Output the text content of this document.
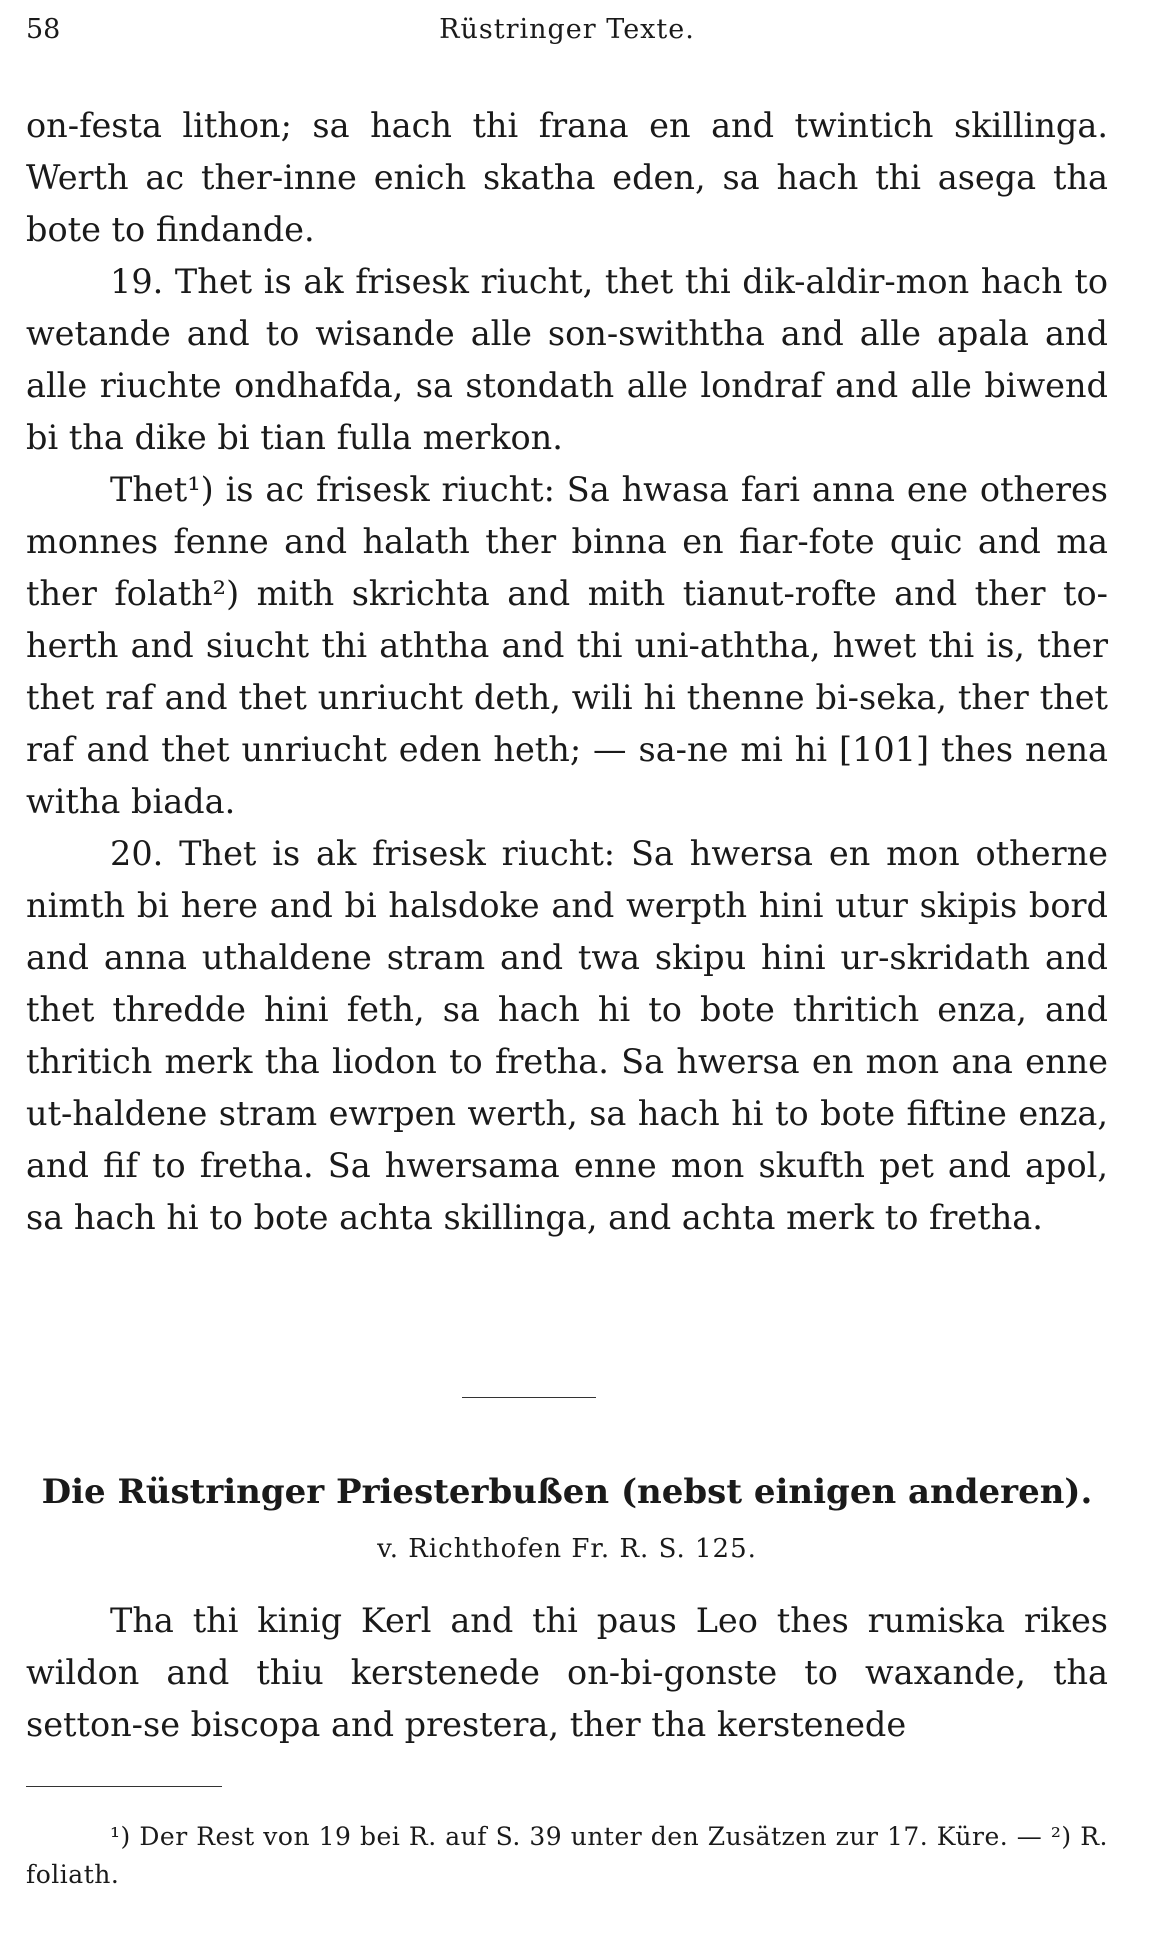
58	Rüstringer Texte.

on-festa lithon; sa hach thi frana en and twintich skillinga. Werth ac ther-inne enich skatha eden, sa hach thi asega tha bote to findande.

19. Thet is ak frisesk riucht, thet thi dik-aldir-mon hach to wetande and to wisande alle son-swiththa and alle apala and alle riuchte ondhafda, sa stondath alle londraf and alle biwend bi tha dike bi tian fulla merkon.

Thet¹) is ac frisesk riucht: Sa hwasa fari anna ene otheres monnes fenne and halath ther binna en fiar-fote quic and ma ther folath²) mith skrichta and mith tianut-rofte and ther to-herth and siucht thi aththa and thi uni-aththa, hwet thi is, ther thet raf and thet unriucht deth, wili hi thenne bi-seka, ther thet raf and thet unriucht eden heth; — sa-ne mi hi [101] thes nena witha biada.

20. Thet is ak frisesk riucht: Sa hwersa en mon otherne nimth bi here and bi halsdoke and werpth hini utur skipis bord and anna uthaldene stram and twa skipu hini ur-skridath and thet thredde hini feth, sa hach hi to bote thritich enza, and thritich merk tha liodon to fretha. Sa hwersa en mon ana enne ut-haldene stram ewrpen werth, sa hach hi to bote fiftine enza, and fif to fretha. Sa hwersama enne mon skufth pet and apol, sa hach hi to bote achta skillinga, and achta merk to fretha.

Die Rüstringer Priesterbußen (nebst einigen anderen).
v. Richthofen Fr. R. S. 125.

Tha thi kinig Kerl and thi paus Leo thes rumiska rikes wildon and thiu kerstenede on-bi-gonste to waxande, tha setton-se biscopa and prestera, ther tha kerstenede

¹) Der Rest von 19 bei R. auf S. 39 unter den Zusätzen zur 17. Küre. — ²) R. foliath.
